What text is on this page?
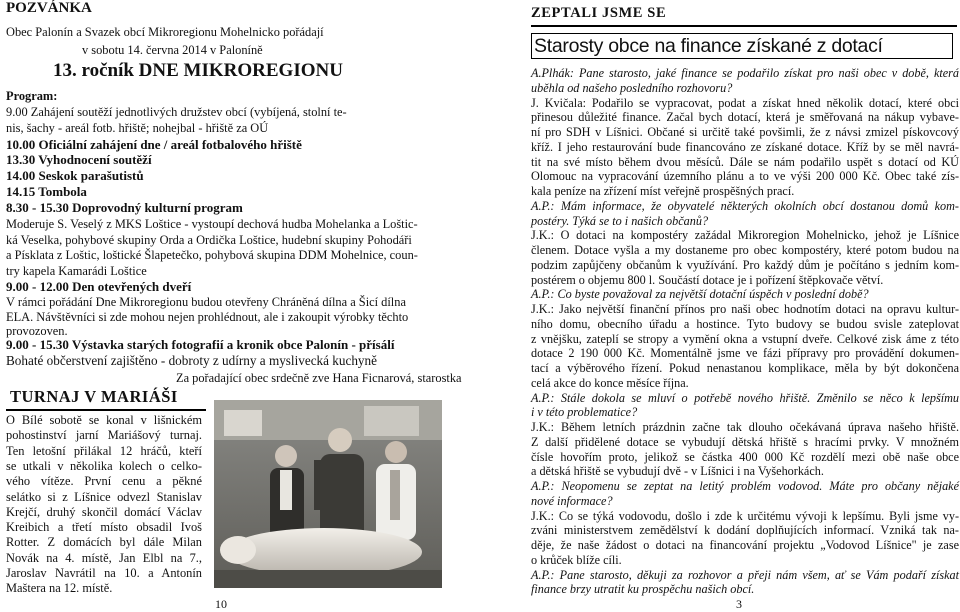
POZVÁNKA
Obec Palonín a Svazek obcí Mikroregionu Mohelnicko pořádají
v sobotu 14. června 2014 v Paloníně
13. ročník DNE MIKROREGIONU
Program:
9.00 Zahájení soutěží jednotlivých družstev obcí (vybíjená, stolní te-
nis, šachy - areál fotb. hřiště; nohejbal - hřiště za OÚ
10.00 Oficiální zahájení dne / areál fotbalového hřiště
13.30 Vyhodnocení soutěží
14.00 Seskok parašutistů
14.15 Tombola
8.30 - 15.30 Doprovodný kulturní program
Moderuje S. Veselý z MKS Loštice - vystoupí dechová hudba Mohelanka a Loštic-
ká Veselka, pohybové skupiny Orda a Ordička Loštice, hudební skupiny Pohodáři
a Písklata z Loštic, loštické Šlapetečko, pohybová skupina DDM Mohelnice, coun-
try kapela Kamarádi Loštice
9.00 - 12.00 Den otevřených dveří
V rámci pořádání Dne Mikroregionu budou otevřeny Chráněná dílna a Šicí dílna
ELA. Návštěvníci si zde mohou nejen prohlédnout, ale i zakoupit výrobky těchto
provozoven.
9.00 - 15.30 Výstavka starých fotografií a kronik obce Palonín - přísálí
Bohaté občerstvení zajištěno - dobroty z udírny a myslivecká kuchyně
Za pořadající obec srdečně zve Hana Ficnarová, starostka
TURNAJ V MARIÁŠI
O Bílé sobotě se konal v lišnickém
pohostinství jarní Mariášový turnaj.
Ten letošní přilákal 12 hráčů, kteří
se utkali v několika kolech o celko-
vého vítěze. První cenu a pěkné
selátko si z Líšnice odvezl Stanislav
Krejčí, druhý skončil domácí Václav
Kreibich a třetí místo obsadil Ivoš
Rotter. Z domácích byl dále Milan
Novák na 4. místě, Jan Elbl na 7.,
Jaroslav Navrátil na 10. a Antonín
Maštera na 12. místě.
10
ZEPTALI JSME SE
Starosty obce na finance získané z dotací
A.Plhák: Pane starosto, jaké finance se podařilo získat pro naši obec v době, která
uběhla od našeho posledního rozhovoru?
J. Kvičala: Podařilo se vypracovat, podat a získat hned několik dotací, které obci
přinesou důležité finance. Začal bych dotací, která je směřovaná na nákup vybave-
ní pro SDH v Líšnici. Občané si určitě také povšimli, že z návsi zmizel pískovcový
kříž. I jeho restaurování bude financováno ze získané dotace. Kříž by se měl navrá-
tit na své místo během dvou měsíců. Dále se nám podařilo uspět s dotací od KÚ
Olomouc na vypracování územního plánu a to ve výši 200 000 Kč. Obec také zís-
kala peníze na zřízení míst veřejně prospěšných prací.
A.P.: Mám informace, že obyvatelé některých okolních obcí dostanou domů kom-
postéry. Týká se to i našich občanů?
J.K.: O dotaci na kompostéry zažádal Mikroregion Mohelnicko, jehož je Líšnice
členem. Dotace vyšla a my dostaneme pro obec kompostéry, které potom budou na
podzim zapůjčeny občanům k využívání. Pro každý dům je počítáno s jedním kom-
postérem o objemu 800 l. Součástí dotace je i pořízení štěpkovače větví.
A.P.: Co byste považoval za největší dotační úspěch v poslední době?
J.K.: Jako největší finanční přínos pro naši obec hodnotím dotaci na opravu kultur-
ního domu, obecního úřadu a hostince. Tyto budovy se budou svisle zateplovat
z vnějšku, zateplí se stropy a vymění okna a vstupní dveře. Celkové zisk áme z této
dotace 2 190 000 Kč. Momentálně jsme ve fázi přípravy pro provádění dokumen-
tací a výběrového řízení. Pokud nenastanou komplikace, měla by být dokončena
celá akce do konce měsíce října.
A.P.: Stále dokola se mluví o potřebě nového hřiště. Změnilo se něco k lepšímu
i v této problematice?
J.K.: Během letních prázdnin začne tak dlouho očekávaná úprava našeho hřiště.
Z další přidělené dotace se vybudují dětská hřiště s hracími prvky. V množném
čísle hovořím proto, jelikož se částka 400 000 Kč rozdělí mezi obě naše obce
a dětská hřiště se vybudují dvě - v Líšnici i na Vyšehorkách.
A.P.: Neopomenu se zeptat na letitý problém vodovod. Máte pro občany nějaké
nové informace?
J.K.: Co se týká vodovodu, došlo i zde k určitému vývoji k lepšímu. Byli jsme vy-
zváni ministerstvem zemědělství k dodání doplňujících informací. Vzniká tak na-
děje, že naše žádost o dotaci na financování projektu „Vodovod Líšnice" je zase
o krůček blíže cíli.
A.P.: Pane starosto, děkuji za rozhovor a přeji nám všem, ať se Vám podaří získat
finance brzy utratit ku prospěchu našich obcí.
3
